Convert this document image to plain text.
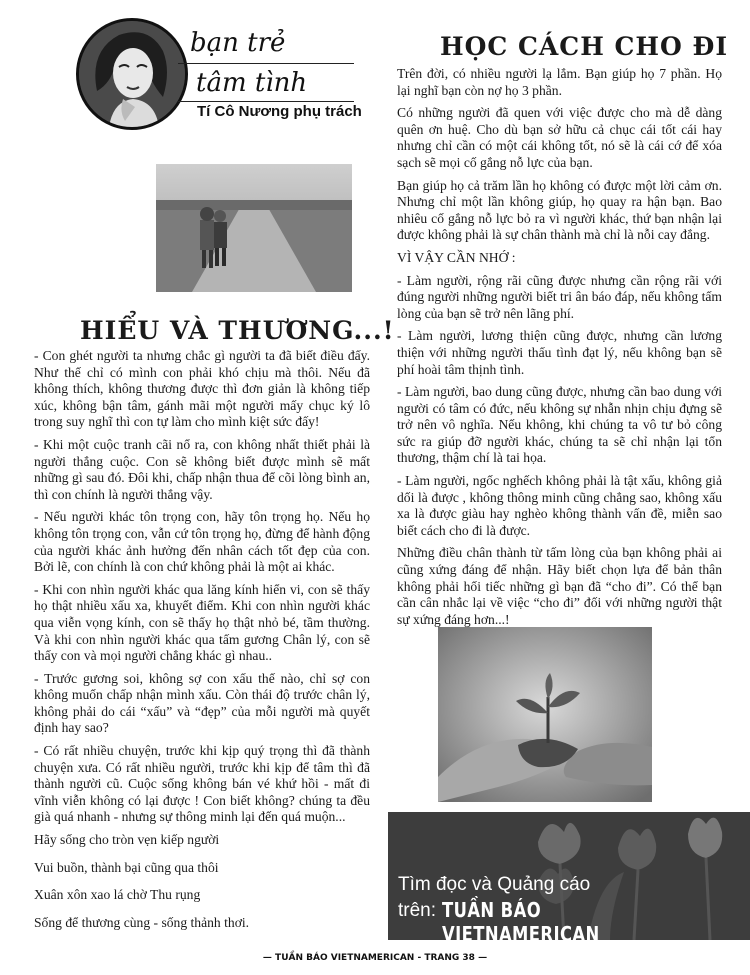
bạn trẻ
tâm tình
Tí Cô Nương phụ trách
HIỂU VÀ THƯƠNG...!

- Con ghét người ta nhưng chắc gì người ta đã biết điều đấy. Như thế chỉ có mình con phải khó chịu mà thôi. Nếu đã không thích, không thương được thì đơn giản là không tiếp xúc, không bận tâm, gánh mãi một người mấy chục ký lô trong suy nghĩ thì con tự làm cho mình kiệt sức đấy!

- Khi một cuộc tranh cãi nổ ra, con không nhất thiết phải là người thắng cuộc. Con sẽ không biết được mình sẽ mất những gì sau đó. Đôi khi, chấp nhận thua để cõi lòng bình an, thì con chính là người thắng vậy.

- Nếu người khác tôn trọng con, hãy tôn trọng họ. Nếu họ không tôn trọng con, vẫn cứ tôn trọng họ, đừng để hành động của người khác ảnh hưởng đến nhân cách tốt đẹp của con. Bởi lẽ, con chính là con chứ không phải là một ai khác.

- Khi con nhìn người khác qua lăng kính hiển vi, con sẽ thấy họ thật nhiều xấu xa, khuyết điểm. Khi con nhìn người khác qua viễn vọng kính, con sẽ thấy họ thật nhỏ bé, tầm thường. Và khi con nhìn người khác qua tấm gương Chân lý, con sẽ thấy con và mọi người chẳng khác gì nhau..

- Trước gương soi, không sợ con xấu thế nào, chỉ sợ con không muốn chấp nhận mình xấu. Còn thái độ trước chân lý, không phải do cái “xấu” và “đẹp” của mỗi người mà quyết định hay sao?

- Có rất nhiều chuyện, trước khi kịp quý trọng thì đã thành chuyện xưa. Có rất nhiều người, trước khi kịp để tâm thì đã thành người cũ. Cuộc sống không bán vé khứ hồi - mất đi vĩnh viễn không có lại được ! Con biết không? chúng ta đều già quá nhanh - nhưng sự thông minh lại đến quá muộn...

Hãy sống cho tròn vẹn kiếp người

Vui buồn, thành bại cũng qua thôi

Xuân xôn xao lá chờ Thu rụng

Sống để thương cùng - sống thảnh thơi.

HỌC CÁCH CHO ĐI

Trên đời, có nhiều người lạ lắm. Bạn giúp họ 7 phần. Họ lại nghĩ bạn còn nợ họ 3 phần.

Có những người đã quen với việc được cho mà dễ dàng quên ơn huệ. Cho dù bạn sở hữu cả chục cái tốt cái hay nhưng chỉ cần có một cái không tốt, nó sẽ là cái cớ để xóa sạch sẽ mọi cố gắng nỗ lực của bạn.

Bạn giúp họ cả trăm lần họ không có được một lời cảm ơn. Nhưng chỉ một lần không giúp, họ quay ra hận bạn. Bao nhiêu cố gắng nỗ lực bỏ ra vì người khác, thứ bạn nhận lại được không phải là sự chân thành mà chỉ là nỗi cay đắng.

VÌ VẬY CẦN NHỚ :

- Làm người, rộng rãi cũng được nhưng cần rộng rãi với đúng người những người biết tri ân báo đáp, nếu không tấm lòng của bạn sẽ trở nên lãng phí.

- Làm người, lương thiện cũng được, nhưng cần lương thiện với những người thấu tình đạt lý, nếu không bạn sẽ phí hoài tâm thịnh tình.

- Làm người, bao dung cũng được, nhưng cần bao dung với người có tâm có đức, nếu không sự nhẫn nhịn chịu đựng sẽ trở nên vô nghĩa. Nếu không, khi chúng ta vô tư bỏ công sức ra giúp đỡ người khác, chúng ta sẽ chỉ nhận lại tổn thương, thậm chí là tai họa.

- Làm người, ngốc nghếch không phải là tật xấu, không giả dối là được , không thông minh cũng chẳng sao, không xấu xa là được giàu hay nghèo không thành vấn đề, miễn sao biết cách cho đi là được.

Những điều chân thành từ tấm lòng của bạn không phải ai cũng xứng đáng để nhận. Hãy biết chọn lựa để bản thân không phải hối tiếc những gì bạn đã “cho đi”. Có thể bạn cần cân nhắc lại về việc “cho đi” đối với những người thật sự xứng đáng hơn...!

Tìm đọc và Quảng cáo
trên: TUẦN BÁO VIETNAMERICAN
— TUẦN BÁO VIETNAMERICAN - TRANG 38 —
